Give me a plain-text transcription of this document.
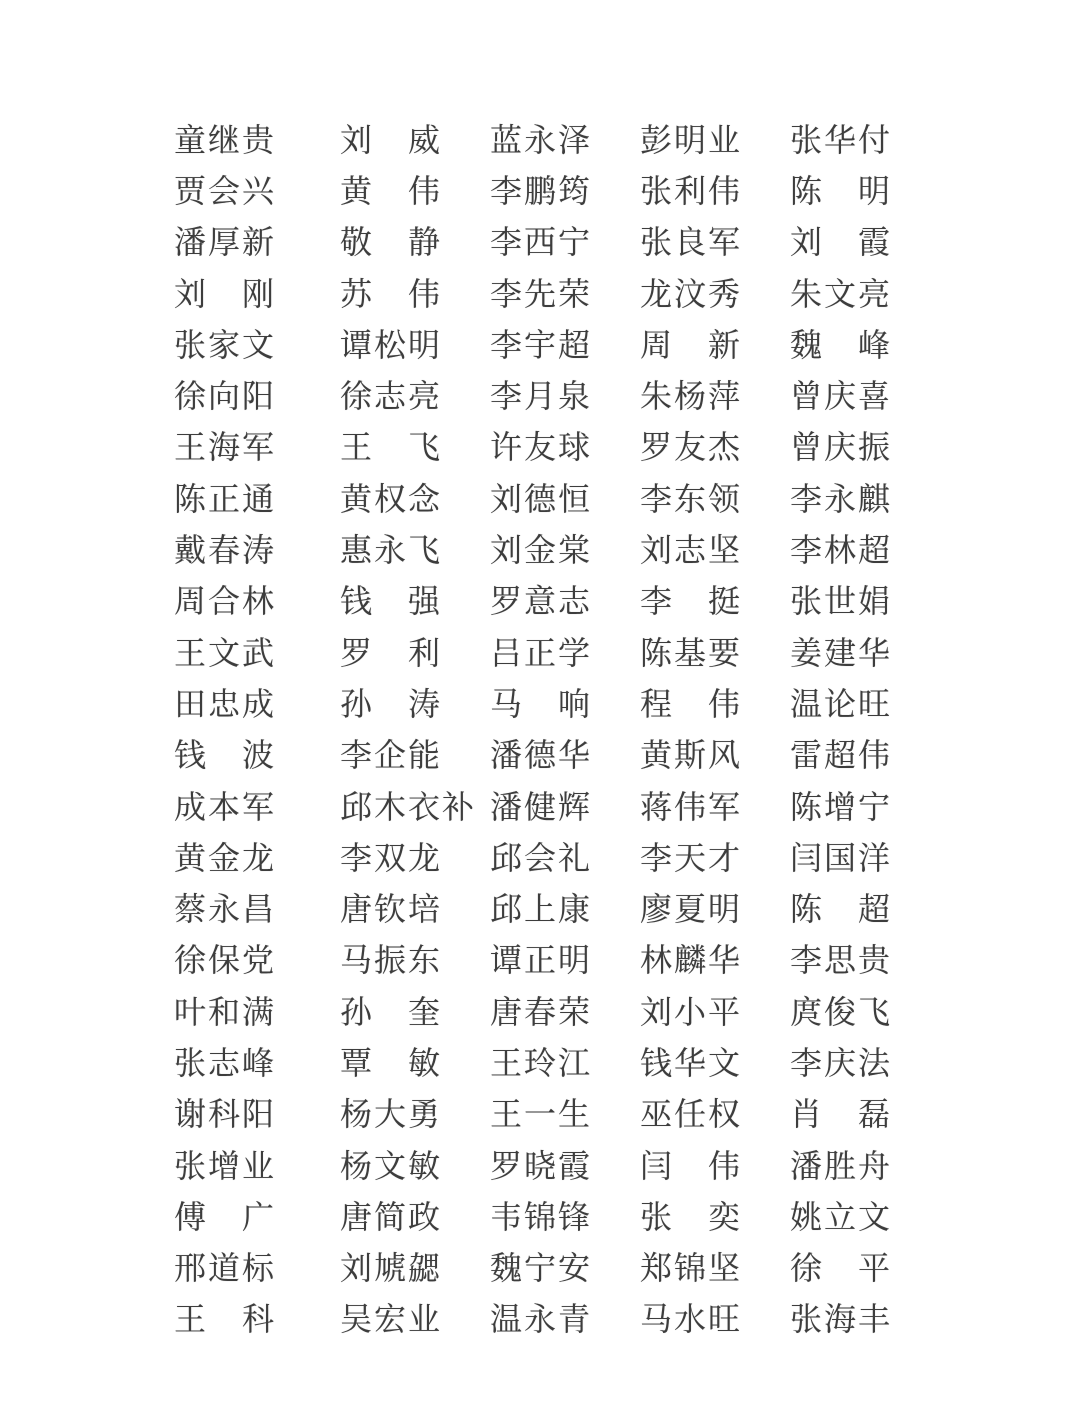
童继贵	刘　威	蓝永泽	彭明业	张华付
贾会兴	黄　伟	李鹏筠	张利伟	陈　明
潘厚新	敬　静	李西宁	张良军	刘　霞
刘　刚	苏　伟	李先荣	龙汶秀	朱文亮
张家文	谭松明	李宇超	周　新	魏　峰
徐向阳	徐志亮	李月泉	朱杨萍	曾庆喜
王海军	王　飞	许友球	罗友杰	曾庆振
陈正通	黄权念	刘德恒	李东领	李永麒
戴春涛	惠永飞	刘金棠	刘志坚	李林超
周合林	钱　强	罗意志	李　挺	张世娟
王文武	罗　利	吕正学	陈基要	姜建华
田忠成	孙　涛	马　响	程　伟	温论旺
钱　波	李企能	潘德华	黄斯风	雷超伟
成本军	邱木衣补 潘健辉	蒋伟军	陈增宁
黄金龙	李双龙	邱会礼	李天才	闫国洋
蔡永昌	唐钦培	邱上康	廖夏明	陈　超
徐保党	马振东	谭正明	林麟华	李思贵
叶和满	孙　奎	唐春荣	刘小平	庹俊飞
张志峰	覃　敏	王玲江	钱华文	李庆法
谢科阳	杨大勇	王一生	巫任权	肖　磊
张增业	杨文敏	罗晓霞	闫　伟	潘胜舟
傅　广	唐简政	韦锦锋	张　奕	姚立文
邢道标	刘虓勰	魏宁安	郑锦坚	徐　平
王　科	吴宏业	温永青	马水旺	张海丰
